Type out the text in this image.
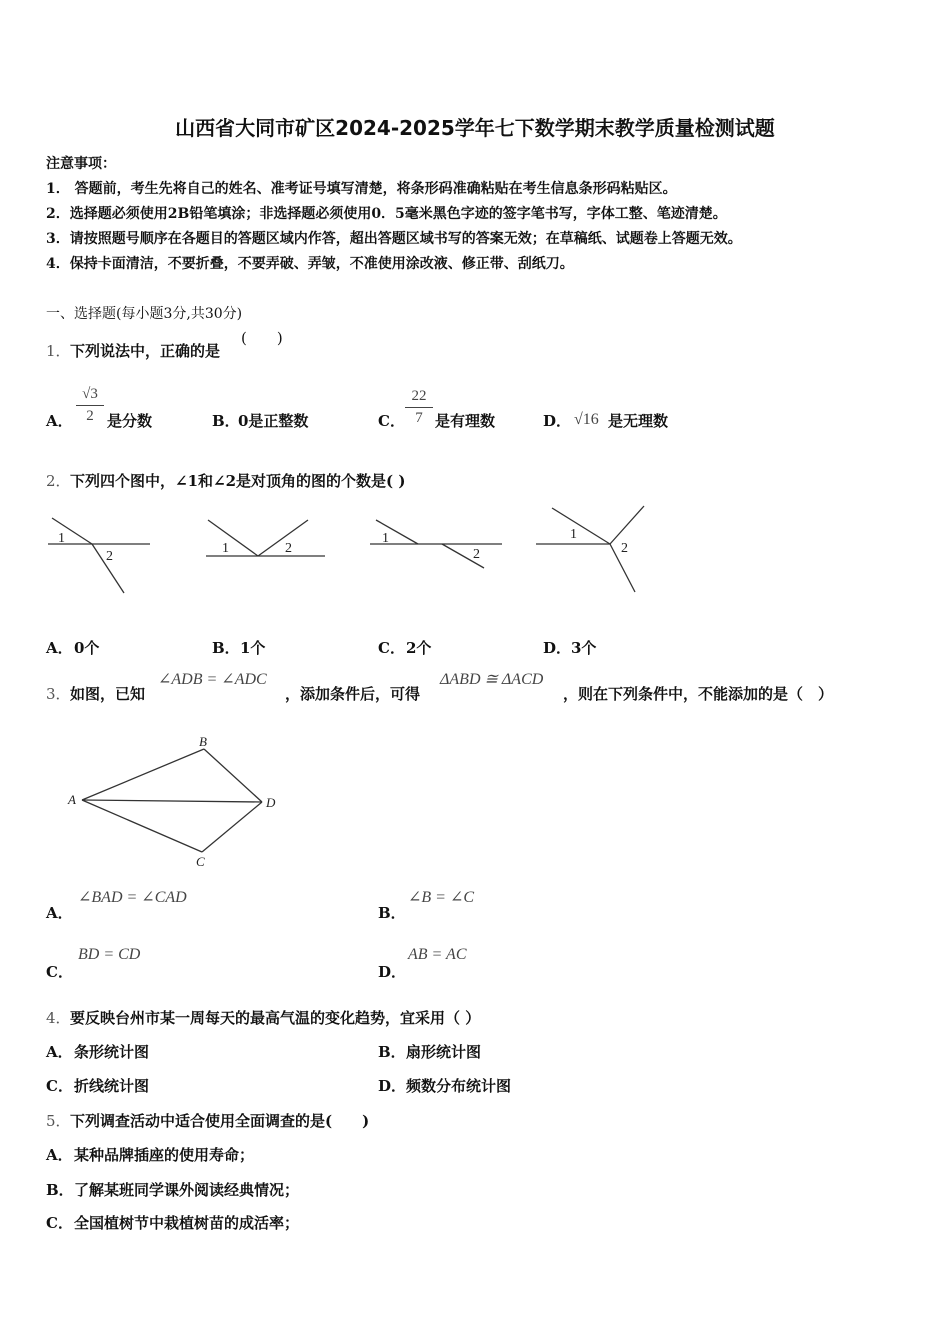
山西省大同市矿区2024-2025学年七下数学期末教学质量检测试题
注意事项：
1． 答题前，考生先将自己的姓名、准考证号填写清楚，将条形码准确粘贴在考生信息条形码粘贴区。
2．选择题必须使用2B铅笔填涂；非选择题必须使用0．5毫米黑色字迹的签字笔书写，字体工整、笔迹清楚。
3．请按照题号顺序在各题目的答题区域内作答，超出答题区域书写的答案无效；在草稿纸、试题卷上答题无效。
4．保持卡面清洁，不要折叠，不要弄破、弄皱，不准使用涂改液、修正带、刮纸刀。
一、选择题(每小题3分,共30分)
1． 下列说法中，正确的是
(　　)
A．
√3
2 是分数	B．
0是正整数	C．
22
7 是有理数	D． √16 是无理数
2． 下列四个图中，∠1和∠2是对顶角的图的个数是( )
1
2
1	2
1
2
1
2
A． 0个	B． 1个	C． 2个	D． 3个
3． 如图，已知
∠ADB = ∠ADC
，添加条件后，可得
ΔABD ≅ ΔACD
，则在下列条件中，不能添加的是（　）
A
B
C
D
A．
∠BAD = ∠CAD
B．
∠B = ∠C
C．
BD = CD
D．
AB = AC
4． 要反映台州市某一周每天的最高气温的变化趋势，宜采用（ ）
A． 条形统计图	B． 扇形统计图
C． 折线统计图	D． 频数分布统计图
5． 下列调查活动中适合使用全面调查的是(　　)
A． 某种品牌插座的使用寿命；
B． 了解某班同学课外阅读经典情况；
C． 全国植树节中栽植树苗的成活率；
